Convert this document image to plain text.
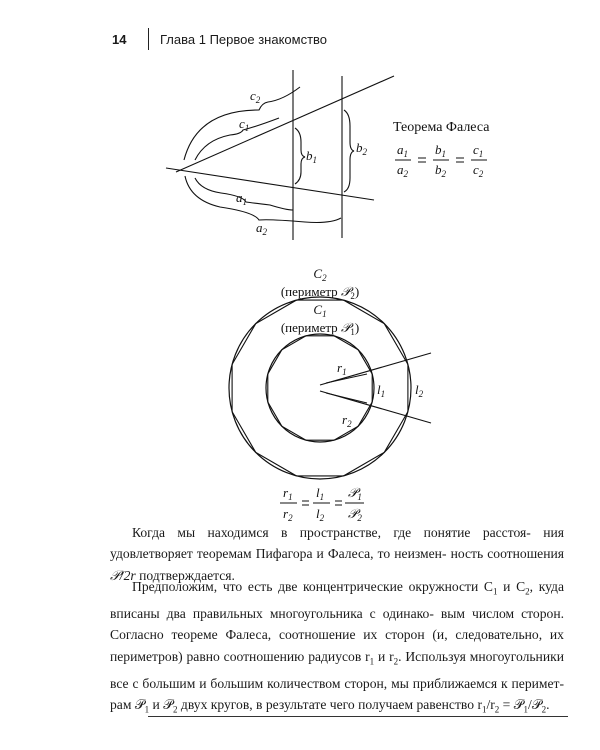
14	Глава 1 Первое знакомство
$c_2$
$c_1$
$b_1$
$b_2$
$a_1$
$a_2$
Теорема Фалеса
$a_1$
$a_2$
$b_1$
$b_2$
$c_1$
$c_2$
$C_2$
(периметр 𝒫$_2$)
$C_1$
(периметр 𝒫$_1$)
$r_1$
$r_2$
$l_1$ $l_2$
$r_1$
$r_2$
$l_1$
$l_2$
𝒫$_1$
𝒫$_2$
Когда мы находимся в пространстве, где понятие расстоя- ния удовлетворяет теоремам Пифагора и Фалеса, то неизмен- ность соотношения 𝒫/2r подтверждается.
Предположим, что есть две концентрические окружности $C_1$ и $C_2$, куда вписаны два правильных многоугольника с одинако- вым числом сторон. Согласно теореме Фалеса, соотношение их сторон (и, следовательно, их периметров) равно соотношению радиусов $r_1$ и $r_2$. Используя многоугольники все с большим и большим количеством сторон, мы приближаемся к перимет- рам 𝒫$_1$ и 𝒫$_2$ двух кругов, в результате чего получаем равенство $r_1/r_2$ = 𝒫$_1$/𝒫$_2$.
